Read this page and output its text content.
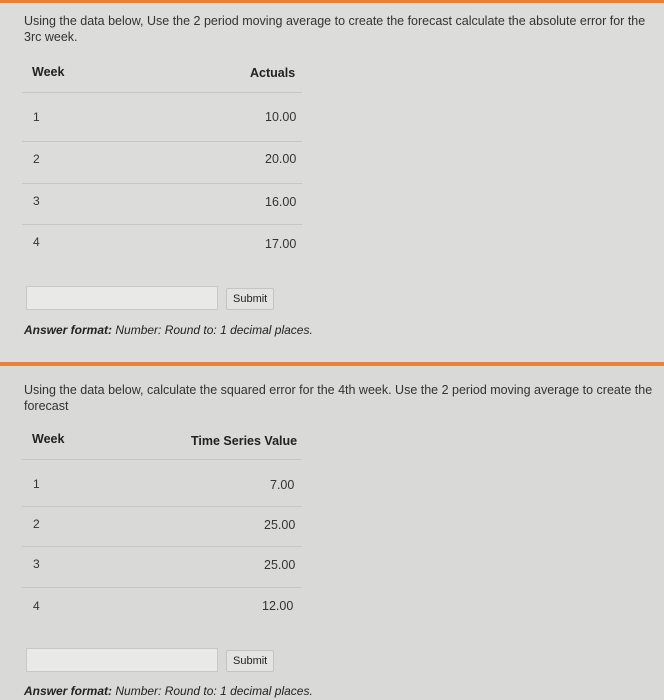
Using the data below, Use the 2 period moving average to create the forecast calculate the absolute error for the 3rc week.
Week	Actuals
1	10.00
2	20.00
3	16.00
4	17.00
Submit
Answer format: Number: Round to: 1 decimal places.
Using the data below, calculate the squared error for the 4th week. Use the 2 period moving average to create the forecast
Week	Time Series Value
1	7.00
2	25.00
3	25.00
4	12.00
Submit
Answer format: Number: Round to: 1 decimal places.
